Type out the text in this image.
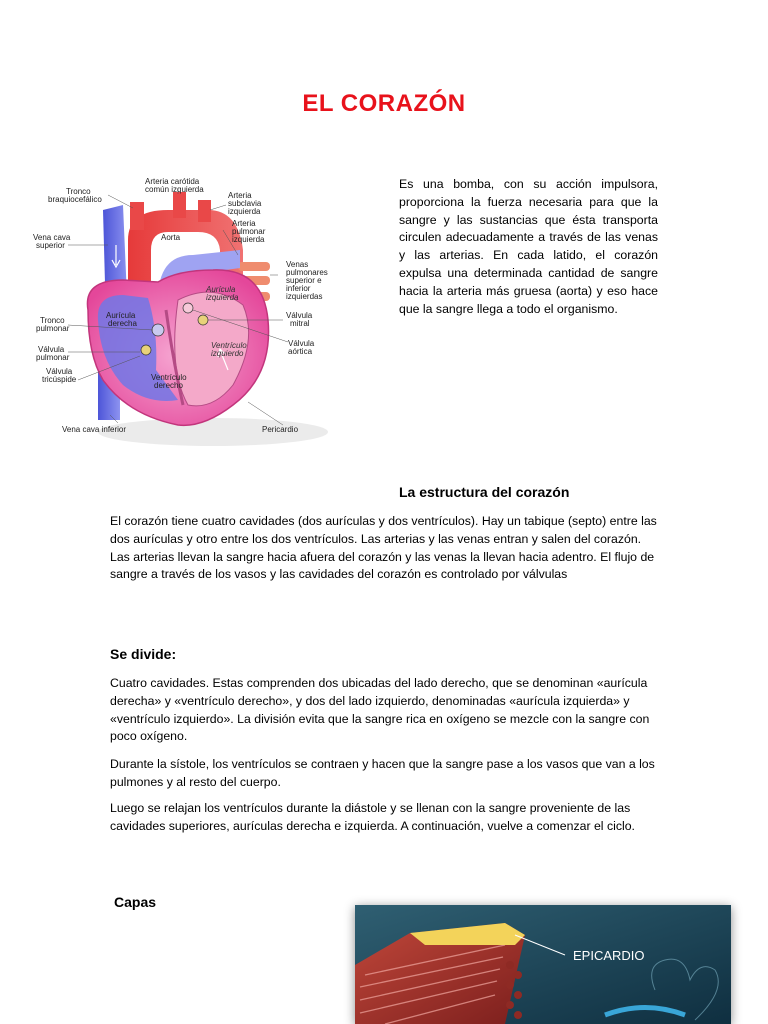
EL CORAZÓN
Arteria carótida
común izquierda
Tronco
braquiocefálico	Arteria
subclavia
izquierda
Vena cava
superior
Aorta
Arteria
pulmonar
izquierda
Venas
pulmonares
superior e
inferior
izquierdas
Aurícula
izquierda
Aurícula
derecha
Tronco
pulmonar
Válvula
mitral
Válvula
pulmonar
Válvula
aórtica
Ventrículo
izquierdo
Válvula
tricúspide	Ventrículo
derecho
Vena cava inferior	Pericardio
Es una bomba, con su acción impulsora, proporciona la fuerza necesaria para que la sangre y las sustancias que ésta transporta circulen adecuadamente a través de las venas y las arterias. En cada latido, el corazón expulsa una determinada cantidad de sangre hacia la arteria más gruesa (aorta) y eso hace que la sangre llega a todo el organismo.
La estructura del corazón
El corazón tiene cuatro cavidades (dos aurículas y dos ventrículos). Hay un tabique (septo) entre las dos aurículas y otro entre los dos ventrículos. Las arterias y las venas entran y salen del corazón. Las arterias llevan la sangre hacia afuera del corazón y las venas la llevan hacia adentro. El flujo de sangre a través de los vasos y las cavidades del corazón es controlado por válvulas
Se divide:
Cuatro cavidades. Estas comprenden dos ubicadas del lado derecho, que se denominan «aurícula derecha» y «ventrículo derecho», y dos del lado izquierdo, denominadas «aurícula izquierda» y «ventrículo izquierdo». La división evita que la sangre rica en oxígeno se mezcle con la sangre con poco oxígeno.
Durante la sístole, los ventrículos se contraen y hacen que la sangre pase a los vasos que van a los pulmones y al resto del cuerpo.
Luego se relajan los ventrículos durante la diástole y se llenan con la sangre proveniente de las cavidades superiores, aurículas derecha e izquierda. A continuación, vuelve a comenzar el ciclo.
Capas
EPICARDIO
